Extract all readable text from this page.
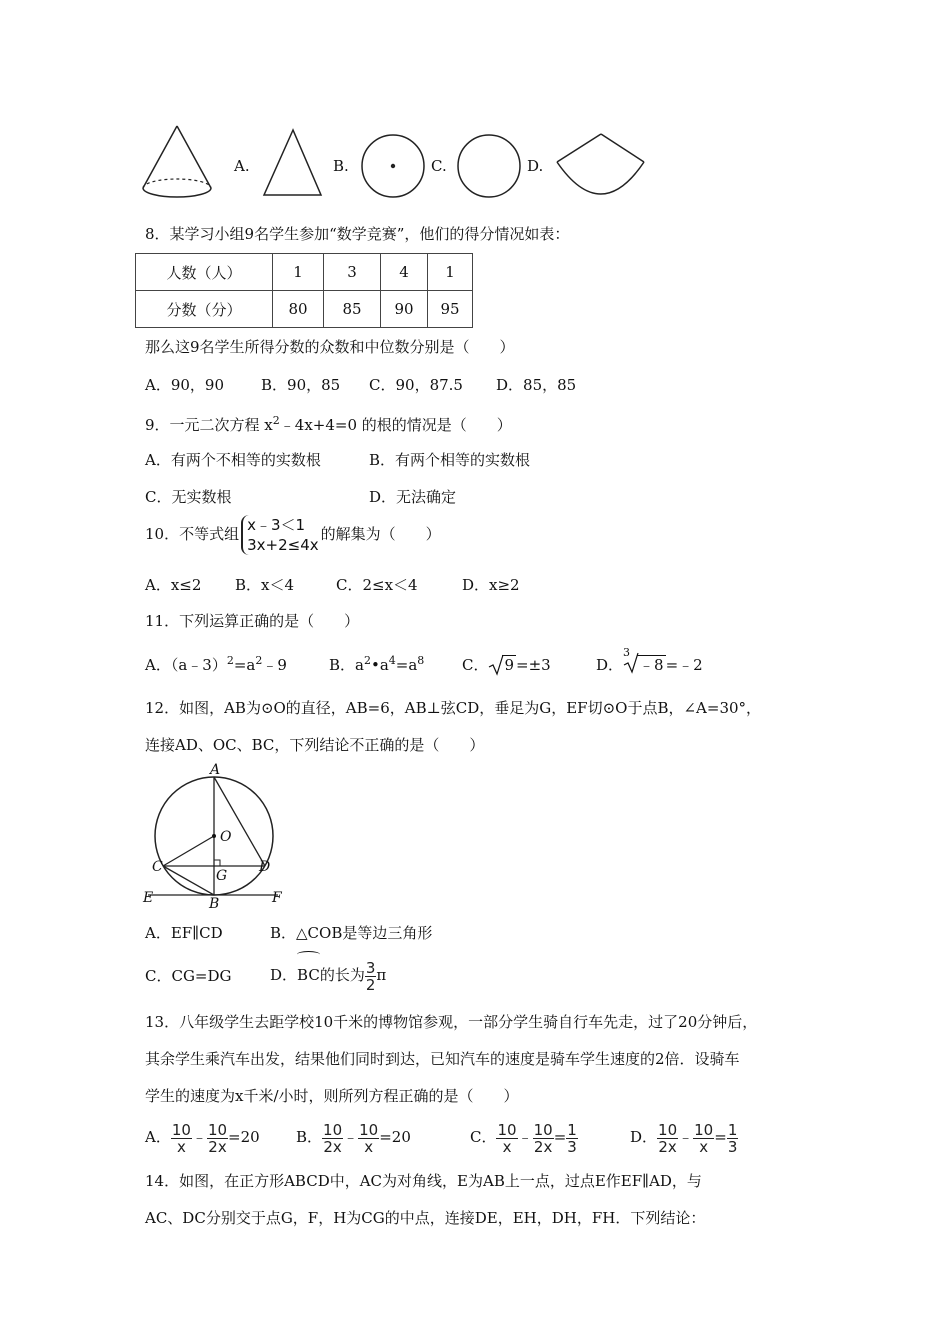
A.	B.	C.	D.
8．某学习小组9名学生参加“数学竞赛”，他们的得分情况如表：
人数（人）	1	3	4	1
分数（分）	80	85	90	95
那么这9名学生所得分数的众数和中位数分别是（　　）
A．90，90 B．90，85 C．90，87.5 D．85，85
9．一元二次方程 $x^2﹣4x+4=0$ 的根的情况是（　　）
A．有两个不相等的实数根	B．有两个相等的实数根
C．无实数根	D．无法确定
10．不等式组 x﹣3＜1
3x+2≤4x
的解集为（　　）
A．x≤2 B．x＜4	C．2≤x＜4	D．x≥2
11．下列运算正确的是（　　）
A．$(a﹣3)^2=a^2﹣9$	B．$a^2•a^4=a^8$	C． 9 =±3	D．
3
﹣8 =﹣2
12．如图，AB为⊙O的直径，AB=6，AB⊥弦CD，垂足为G，EF切⊙O于点B，∠A=30°，
连接AD、OC、BC，下列结论不正确的是（　　）
A
O
C	D
G
B
E	F
A．EF∥CD	B．△COB是等边三角形
C．CG=DG	D．BC的长为 $\frac{3}{2}$ π
13．八年级学生去距学校10千米的博物馆参观，一部分学生骑自行车先走，过了20分钟后，
其余学生乘汽车出发，结果他们同时到达，已知汽车的速度是骑车学生速度的2倍．设骑车
学生的速度为x千米/小时，则所列方程正确的是（　　）
A． $\frac{10}{x}$ ﹣ $\frac{10}{2x} =20$ B． $\frac{10}{2x}$ ﹣ $\frac{10}{x} =20$	C． $\frac{10}{x}$ ﹣ $\frac{10}{2x} = \frac{1}{3}$	D． $\frac{10}{2x}$ ﹣ $\frac{10}{x} = \frac{1}{3}$
14．如图，在正方形ABCD中，AC为对角线，E为AB上一点，过点E作EF∥AD，与
AC、DC分别交于点G，F，H为CG的中点，连接DE，EH，DH，FH．下列结论：
